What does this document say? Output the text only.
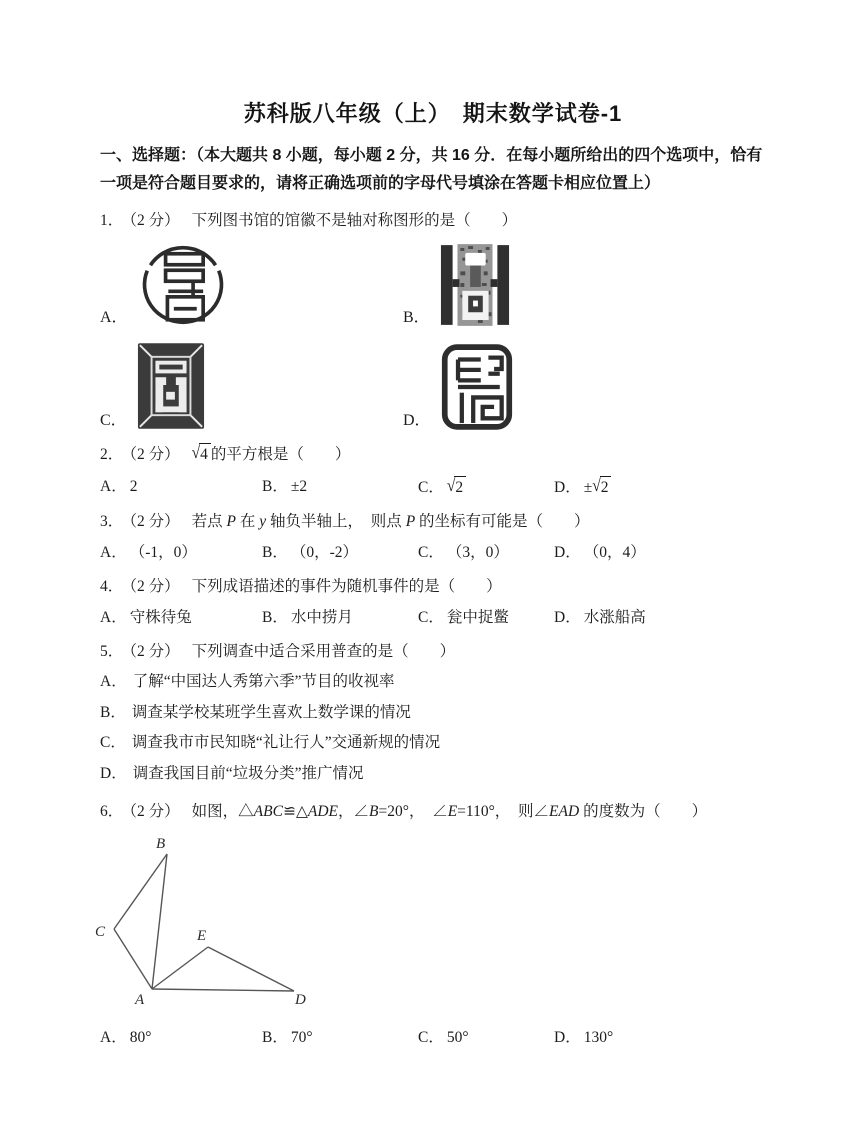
苏科版八年级（上）　期末数学试卷-1

一、选择题：（本大题共 8 小题，每小题 2 分，共 16 分．在每小题所给出的四个选项中，恰有一项是符合题目要求的，请将正确选项前的字母代号填涂在答题卡相应位置上）

1． （2 分） 下列图书馆的馆徽不是轴对称图形的是（　　）

A．	B．
C．	D．

2． （2 分） √4 的平方根是（　　）

A． 2	B． ±2	C． √2	D． ± √2

3． （2 分） 若点 P 在 y 轴负半轴上，　则点 P 的坐标有可能是（　　）

A． （-1，0）	B． （0，-2）	C． （3，0）	D． （0，4）

4． （2 分） 下列成语描述的事件为随机事件的是（　　）

A． 守株待兔	B． 水中捞月	C． 瓮中捉鳖	D． 水涨船高

5． （2 分） 下列调查中适合采用普查的是（　　）

A． 了解“中国达人秀第六季”节目的收视率

B． 调查某学校某班学生喜欢上数学课的情况

C． 调查我市市民知晓“礼让行人”交通新规的情况

D． 调查我国目前“垃圾分类”推广情况

6． （2 分） 如图，△ABC≌△ADE，∠B=20°，　∠E=110°，　则∠EAD 的度数为（　　）

B
C	E
A	D
A． 80°	B． 70°	C． 50°	D． 130°
